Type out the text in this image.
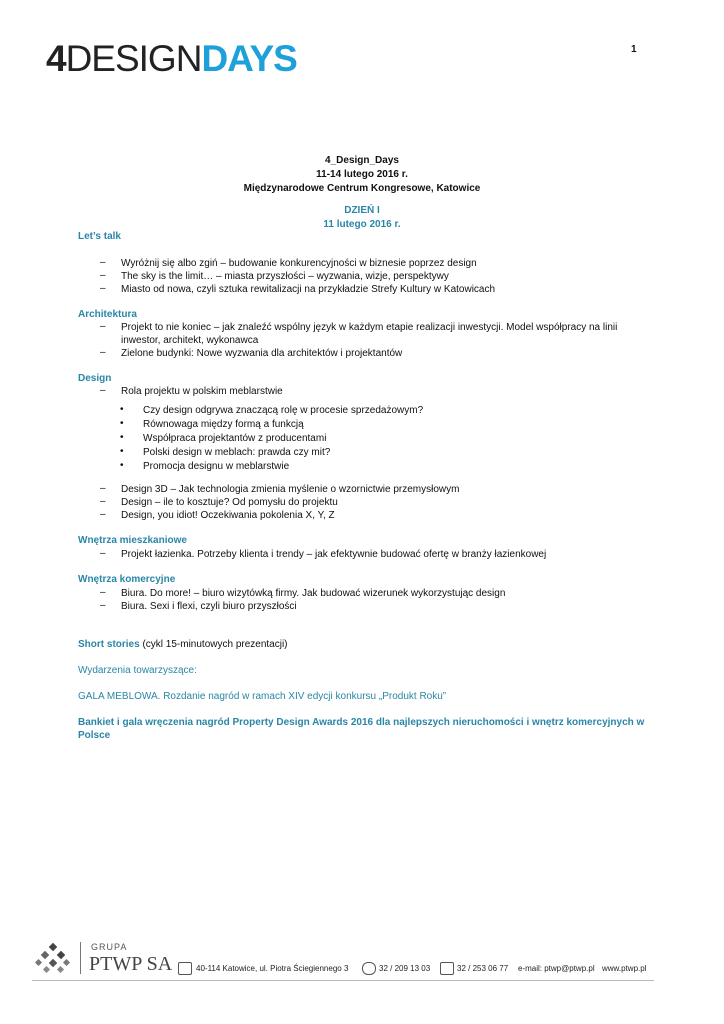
4DESIGNDAYS	1
4_Design_Days
11-14 lutego 2016 r.
Międzynarodowe Centrum Kongresowe, Katowice
DZIEŃ I
11 lutego 2016 r.
Let’s talk
– Wyróżnij się albo zgiń – budowanie konkurencyjności w biznesie poprzez design
– The sky is the limit… – miasta przyszłości – wyzwania, wizje, perspektywy
– Miasto od nowa, czyli sztuka rewitalizacji na przykładzie Strefy Kultury w Katowicach
Architektura
– Projekt to nie koniec – jak znaleźć wspólny język w każdym etapie realizacji inwestycji. Model współpracy na linii inwestor, architekt, wykonawca
– Zielone budynki: Nowe wyzwania dla architektów i projektantów
Design
– Rola projektu w polskim meblarstwie
• Czy design odgrywa znaczącą rolę w procesie sprzedażowym?
• Równowaga między formą a funkcją
• Współpraca projektantów z producentami
• Polski design w meblach: prawda czy mit?
• Promocja designu w meblarstwie
– Design 3D – Jak technologia zmienia myślenie o wzornictwie przemysłowym
– Design – ile to kosztuje? Od pomysłu do projektu
– Design, you idiot! Oczekiwania pokolenia X, Y, Z
Wnętrza mieszkaniowe
– Projekt łazienka. Potrzeby klienta i trendy – jak efektywnie budować ofertę w branży łazienkowej
Wnętrza komercyjne
– Biura. Do more! – biuro wizytówką firmy. Jak budować wizerunek wykorzystując design
– Biura. Sexi i flexi, czyli biuro przyszłości
Short stories (cykl 15-minutowych prezentacji)
Wydarzenia towarzyszące:
GALA MEBLOWA. Rozdanie nagród w ramach XIV edycji konkursu „Produkt Roku”
Bankiet i gala wręczenia nagród Property Design Awards 2016 dla najlepszych nieruchomości i wnętrz komercyjnych w Polsce
GRUPA
PTWP SA	40-114 Katowice, ul. Piotra Ściegiennego 3	32 / 209 13 03	32 / 253 06 77 e-mail: ptwp@ptwp.pl www.ptwp.pl
